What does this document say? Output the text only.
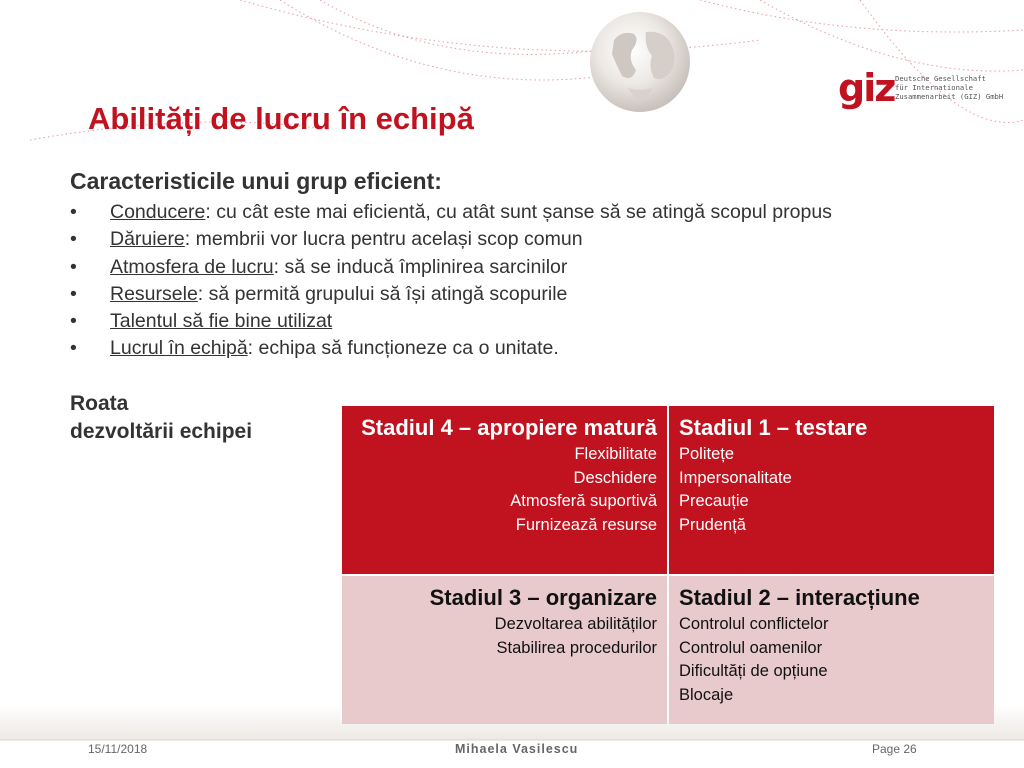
giz Deutsche Gesellschaft
für Internationale
Zusammenarbeit (GIZ) GmbH
Abilități de lucru în echipă
Caracteristicile unui grup eficient:
• Conducere: cu cât este mai eficientă, cu atât sunt șanse să se atingă scopul propus
• Dăruiere: membrii vor lucra pentru același scop comun
• Atmosfera de lucru: să se inducă împlinirea sarcinilor
• Resursele: să permită grupului să își atingă scopurile
• Talentul să fie bine utilizat
• Lucrul în echipă: echipa să funcționeze ca o unitate.
Roata
dezvoltării echipei	Stadiul 4 – apropiere matură
Flexibilitate
Deschidere
Atmosferă suportivă
Furnizează resurse
Stadiul 1 – testare
Politețe
Impersonalitate
Precauție
Prudență
Stadiul 3 – organizare
Dezvoltarea abilităților
Stabilirea procedurilor
Stadiul 2 – interacțiune
Controlul conflictelor
Controlul oamenilor
Dificultăți de opțiune
Blocaje
15/11/2018	Mihaela Vasilescu	Page 26
